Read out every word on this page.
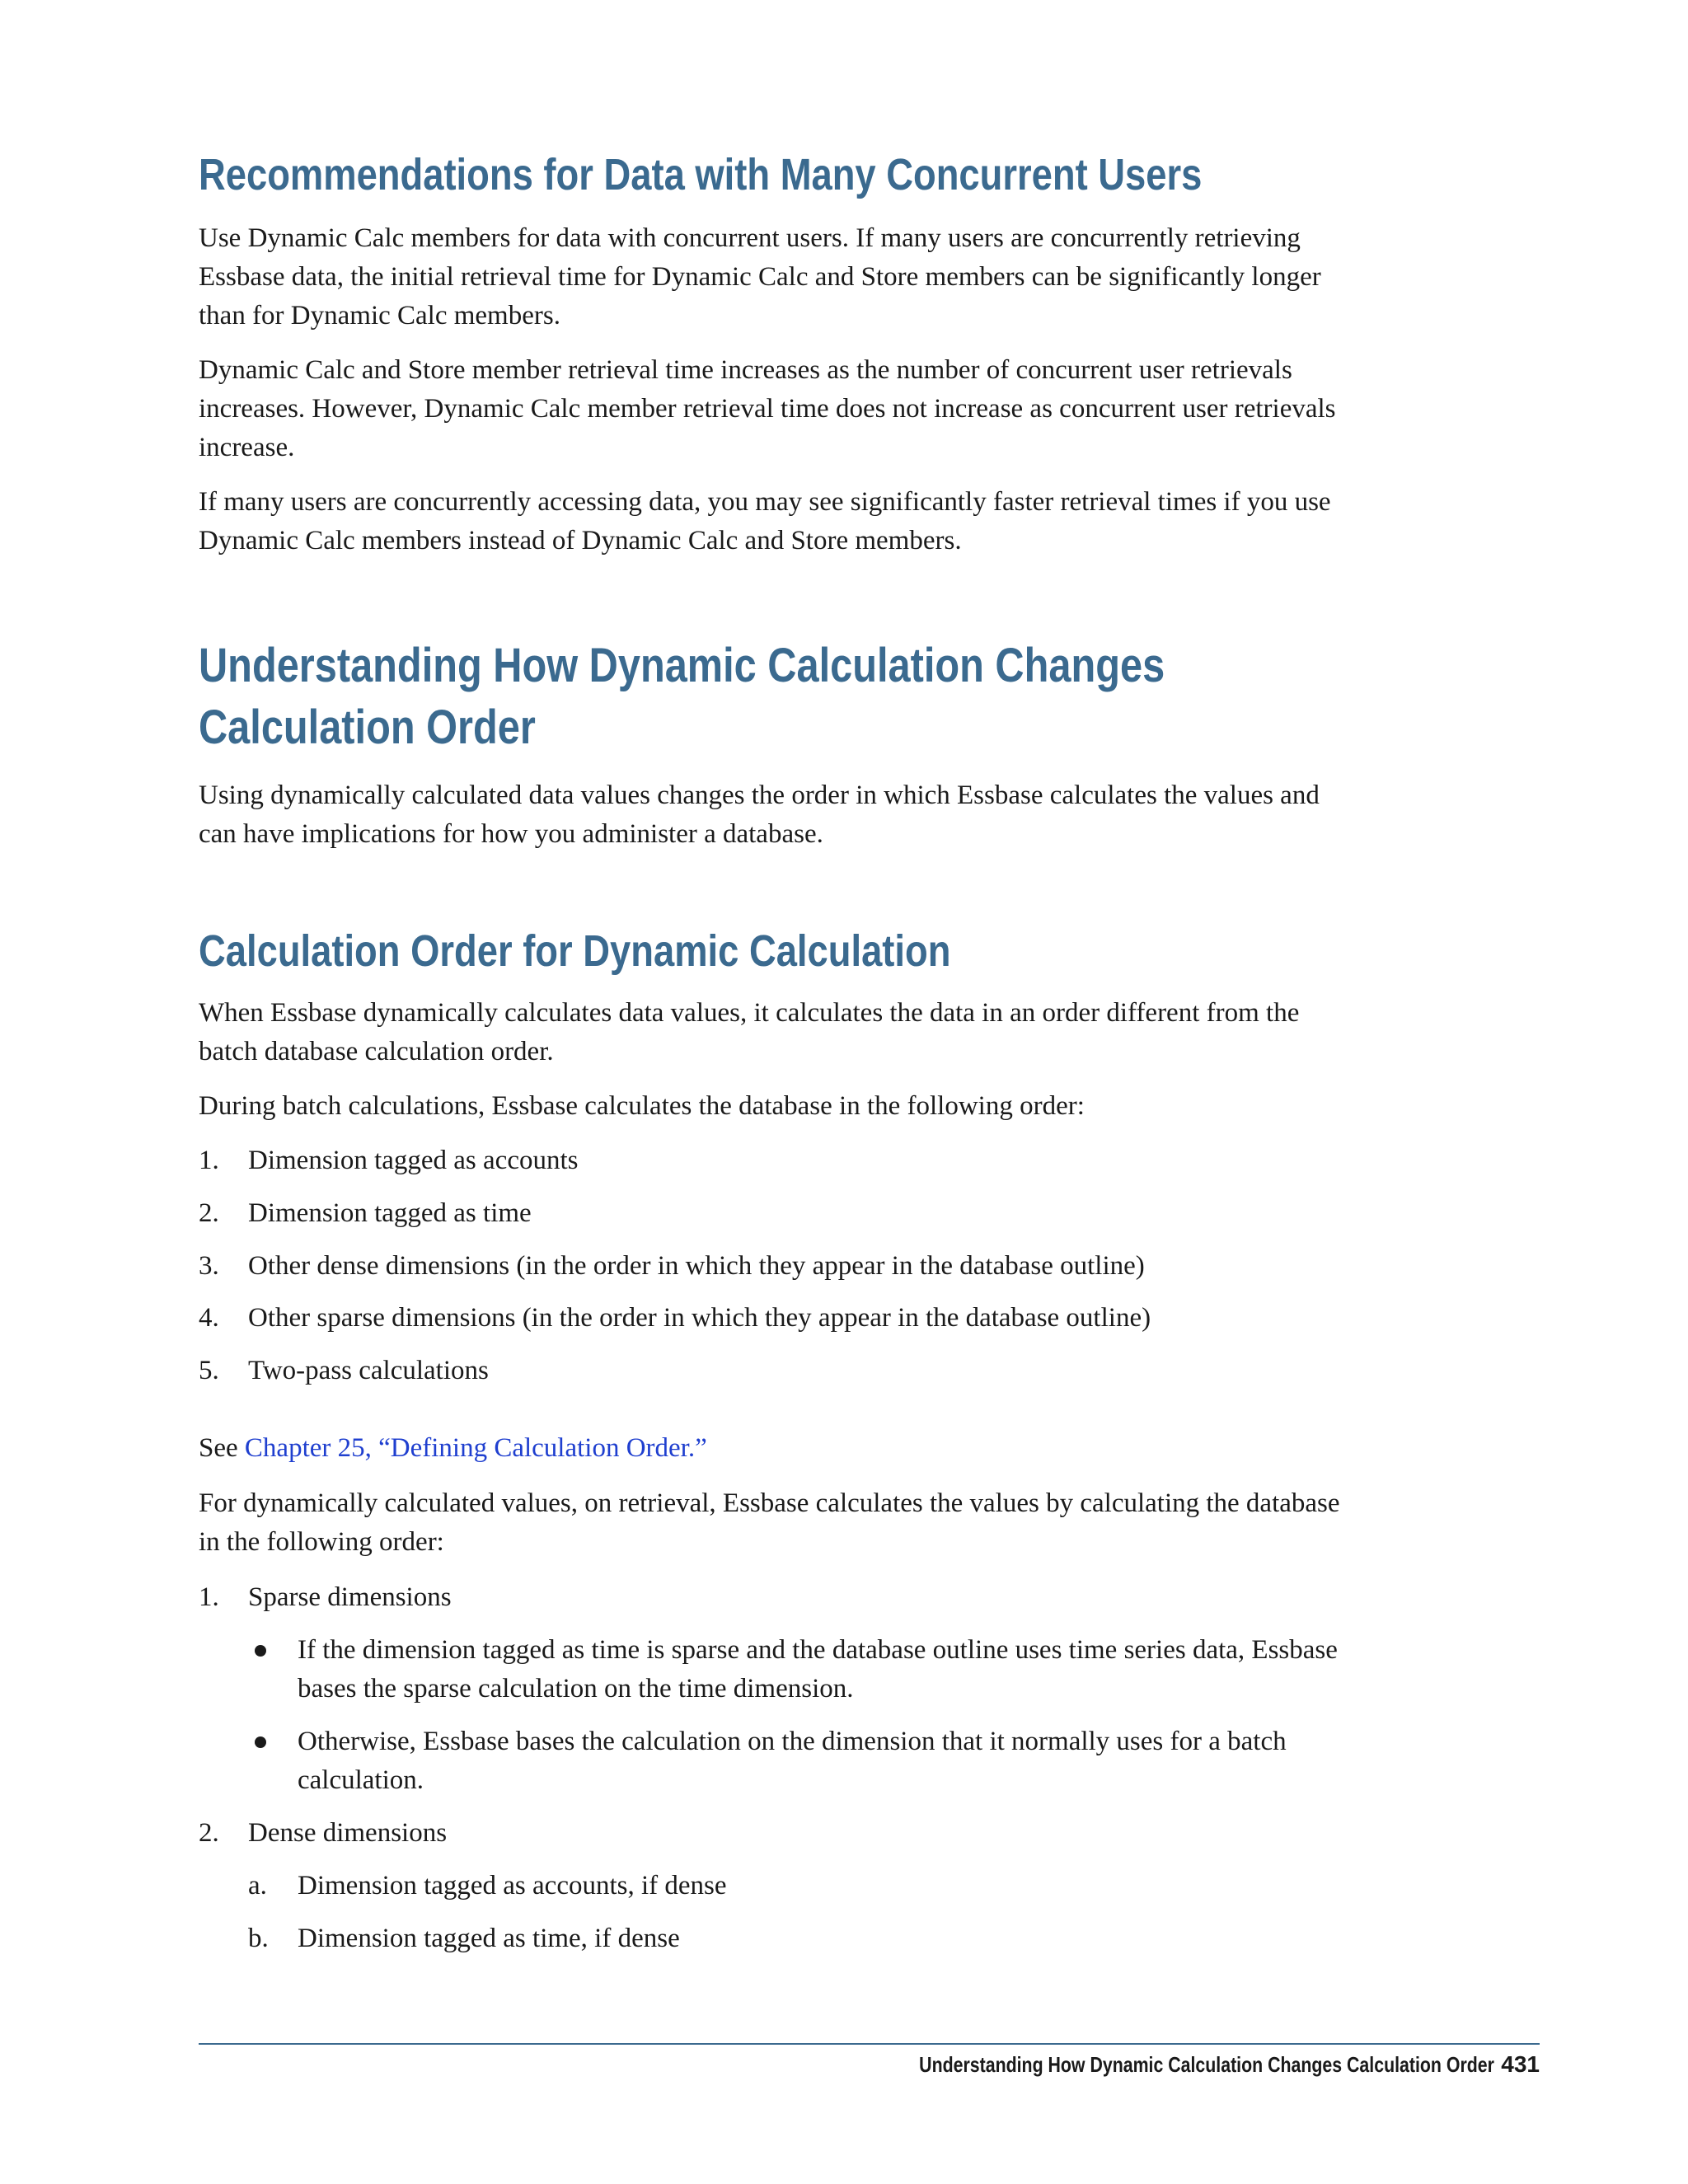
Recommendations for Data with Many Concurrent Users

Use Dynamic Calc members for data with concurrent users. If many users are concurrently retrieving Essbase data, the initial retrieval time for Dynamic Calc and Store members can be significantly longer than for Dynamic Calc members.

Dynamic Calc and Store member retrieval time increases as the number of concurrent user retrievals increases. However, Dynamic Calc member retrieval time does not increase as concurrent user retrievals increase.

If many users are concurrently accessing data, you may see significantly faster retrieval times if you use Dynamic Calc members instead of Dynamic Calc and Store members.

Understanding How Dynamic Calculation Changes
Calculation Order

Using dynamically calculated data values changes the order in which Essbase calculates the values and can have implications for how you administer a database.

Calculation Order for Dynamic Calculation

When Essbase dynamically calculates data values, it calculates the data in an order different from the batch database calculation order.

During batch calculations, Essbase calculates the database in the following order:

1. Dimension tagged as accounts
2. Dimension tagged as time
3. Other dense dimensions (in the order in which they appear in the database outline)
4. Other sparse dimensions (in the order in which they appear in the database outline)
5. Two-pass calculations

See Chapter 25, “Defining Calculation Order.”

For dynamically calculated values, on retrieval, Essbase calculates the values by calculating the database in the following order:

1. Sparse dimensions
If the dimension tagged as time is sparse and the database outline uses time series data, Essbase bases the sparse calculation on the time dimension.
Otherwise, Essbase bases the calculation on the dimension that it normally uses for a batch calculation.
2. Dense dimensions
a. Dimension tagged as accounts, if dense
b. Dimension tagged as time, if dense
Understanding How Dynamic Calculation Changes Calculation Order 431
